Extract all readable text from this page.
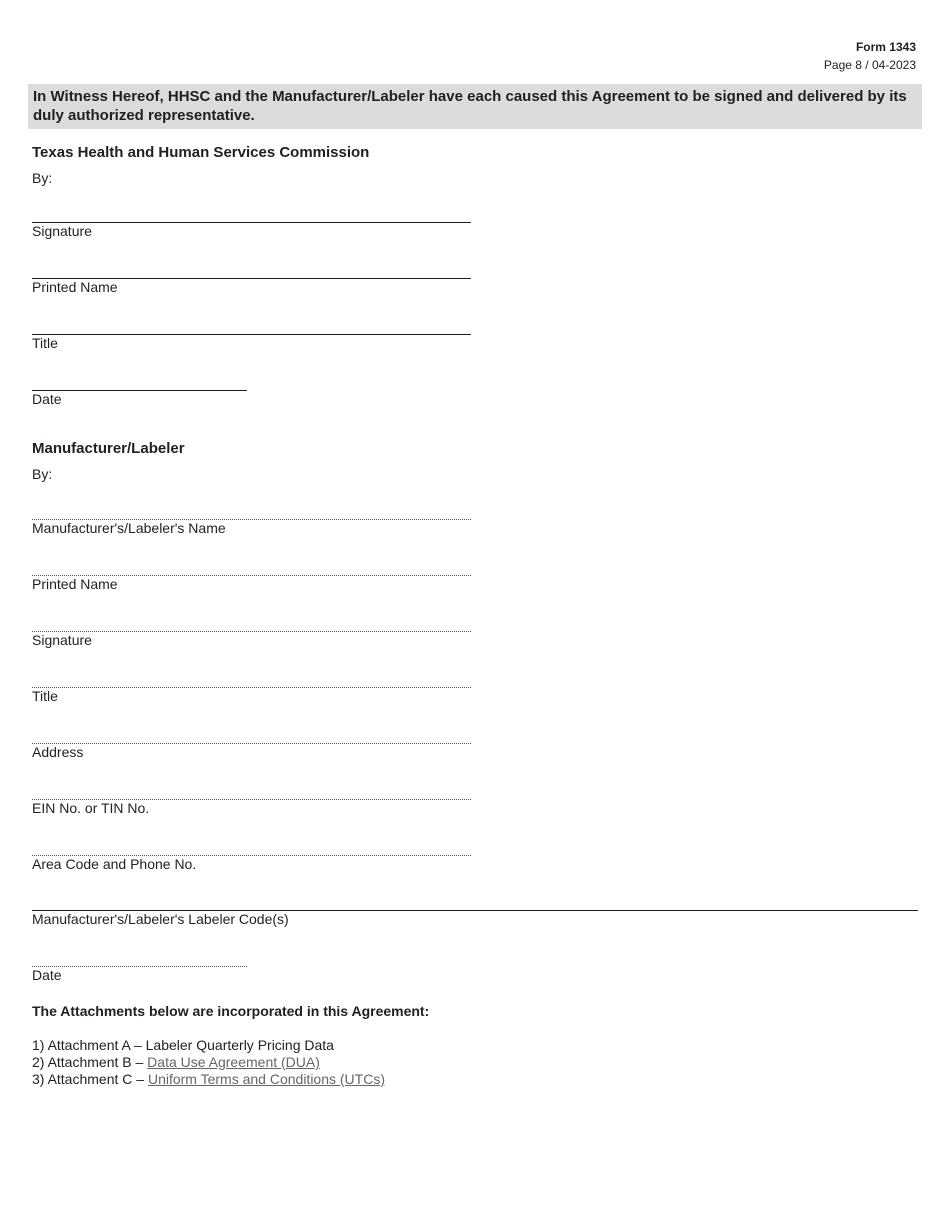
Form 1343
Page 8 / 04-2023
In Witness Hereof, HHSC and the Manufacturer/Labeler have each caused this Agreement to be signed and delivered by its duly authorized representative.
Texas Health and Human Services Commission
By:
Signature
Printed Name
Title
Date
Manufacturer/Labeler
By:
Manufacturer's/Labeler's Name
Printed Name
Signature
Title
Address
EIN No. or TIN No.
Area Code and Phone No.
Manufacturer's/Labeler's Labeler Code(s)
Date
The Attachments below are incorporated in this Agreement:
1) Attachment A – Labeler Quarterly Pricing Data
2) Attachment B – Data Use Agreement (DUA)
3) Attachment C – Uniform Terms and Conditions (UTCs)
